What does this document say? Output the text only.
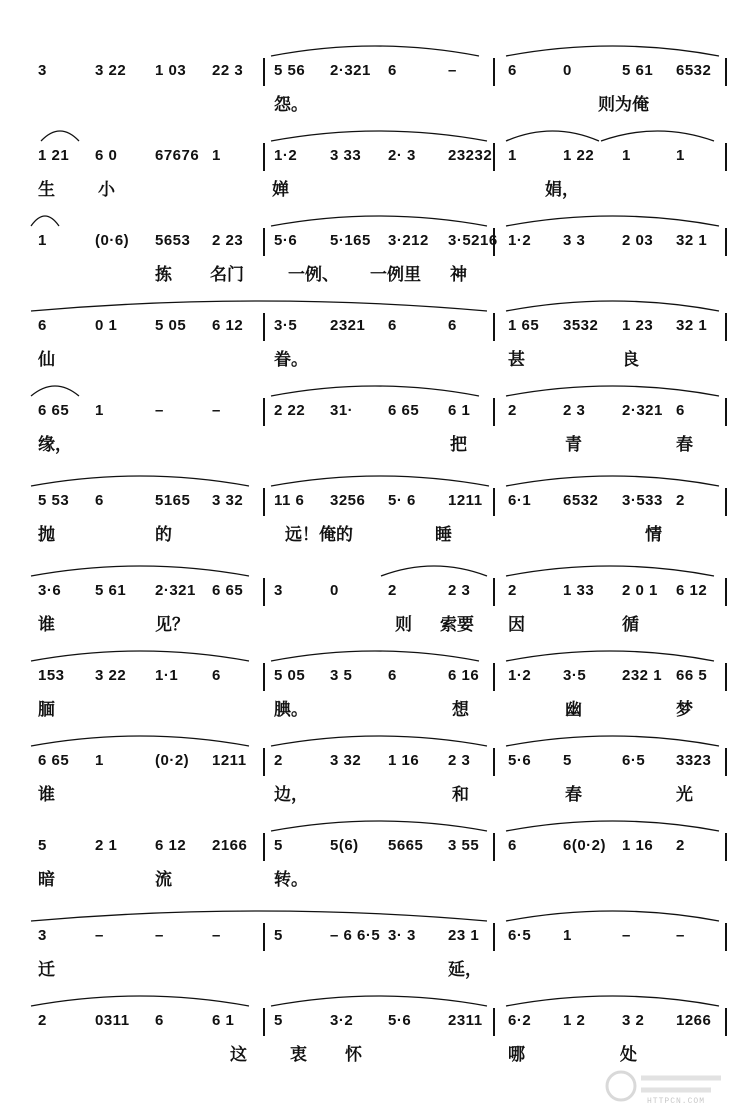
3	3 22 1 03 22 3 5 56 2·321 6	–	6	0	5 61 6532
怨。	则为俺
1 21 6 0	67676 1	1·2 3 33 2· 3 23232 1	1 22 1	1
生	小	婵	娟，
1	(0·6) 5653 2 23 5·6 5·165 3·212 3·5216 1·2 3 3 2 03 32 1
拣 名门	一例、 一例里 神
6	0 1	5 05 6 12 3·5 2321 6	6	1 65 3532 1 23 32 1
仙	眷。	甚	良
6 65 1	–	–	2 22 31· 6 65 6 1	2	2 3 2·321 6
缘，	把	青	春
5 53 6	5165 3 32 11 6 3256 5· 6 1211 6·1 6532 3·533 2
抛	的	远！俺的	睡	情
3·6 5 61 2·321 6 65 3	0	2	2 3	2	1 33 2 0 1 6 12
谁	见？	则 索要 因	循
153 3 22 1·1 6	5 05 3 5 6	6 16 1·2 3·5 232 1 66 5
腼	腆。	想	幽	梦
6 65 1	(0·2) 1211 2	3 32 1 16 2 3	5·6 5	6·5 3323
谁	边，	和	春	光
5	2 1	6 12 2166 5	5(6) 5665 3 55 6	6(0·2) 1 16 2
暗	流	转。
3	–	–	–	5	– 6 6·5 3· 3 23 1 6·5 1	–	–
迁	延，
2	0311 6	6 1	5	3·2 5·6 2311 6·2 1 2 3 2 1266
这	衷 怀	哪	处
HTTPCN.COM
